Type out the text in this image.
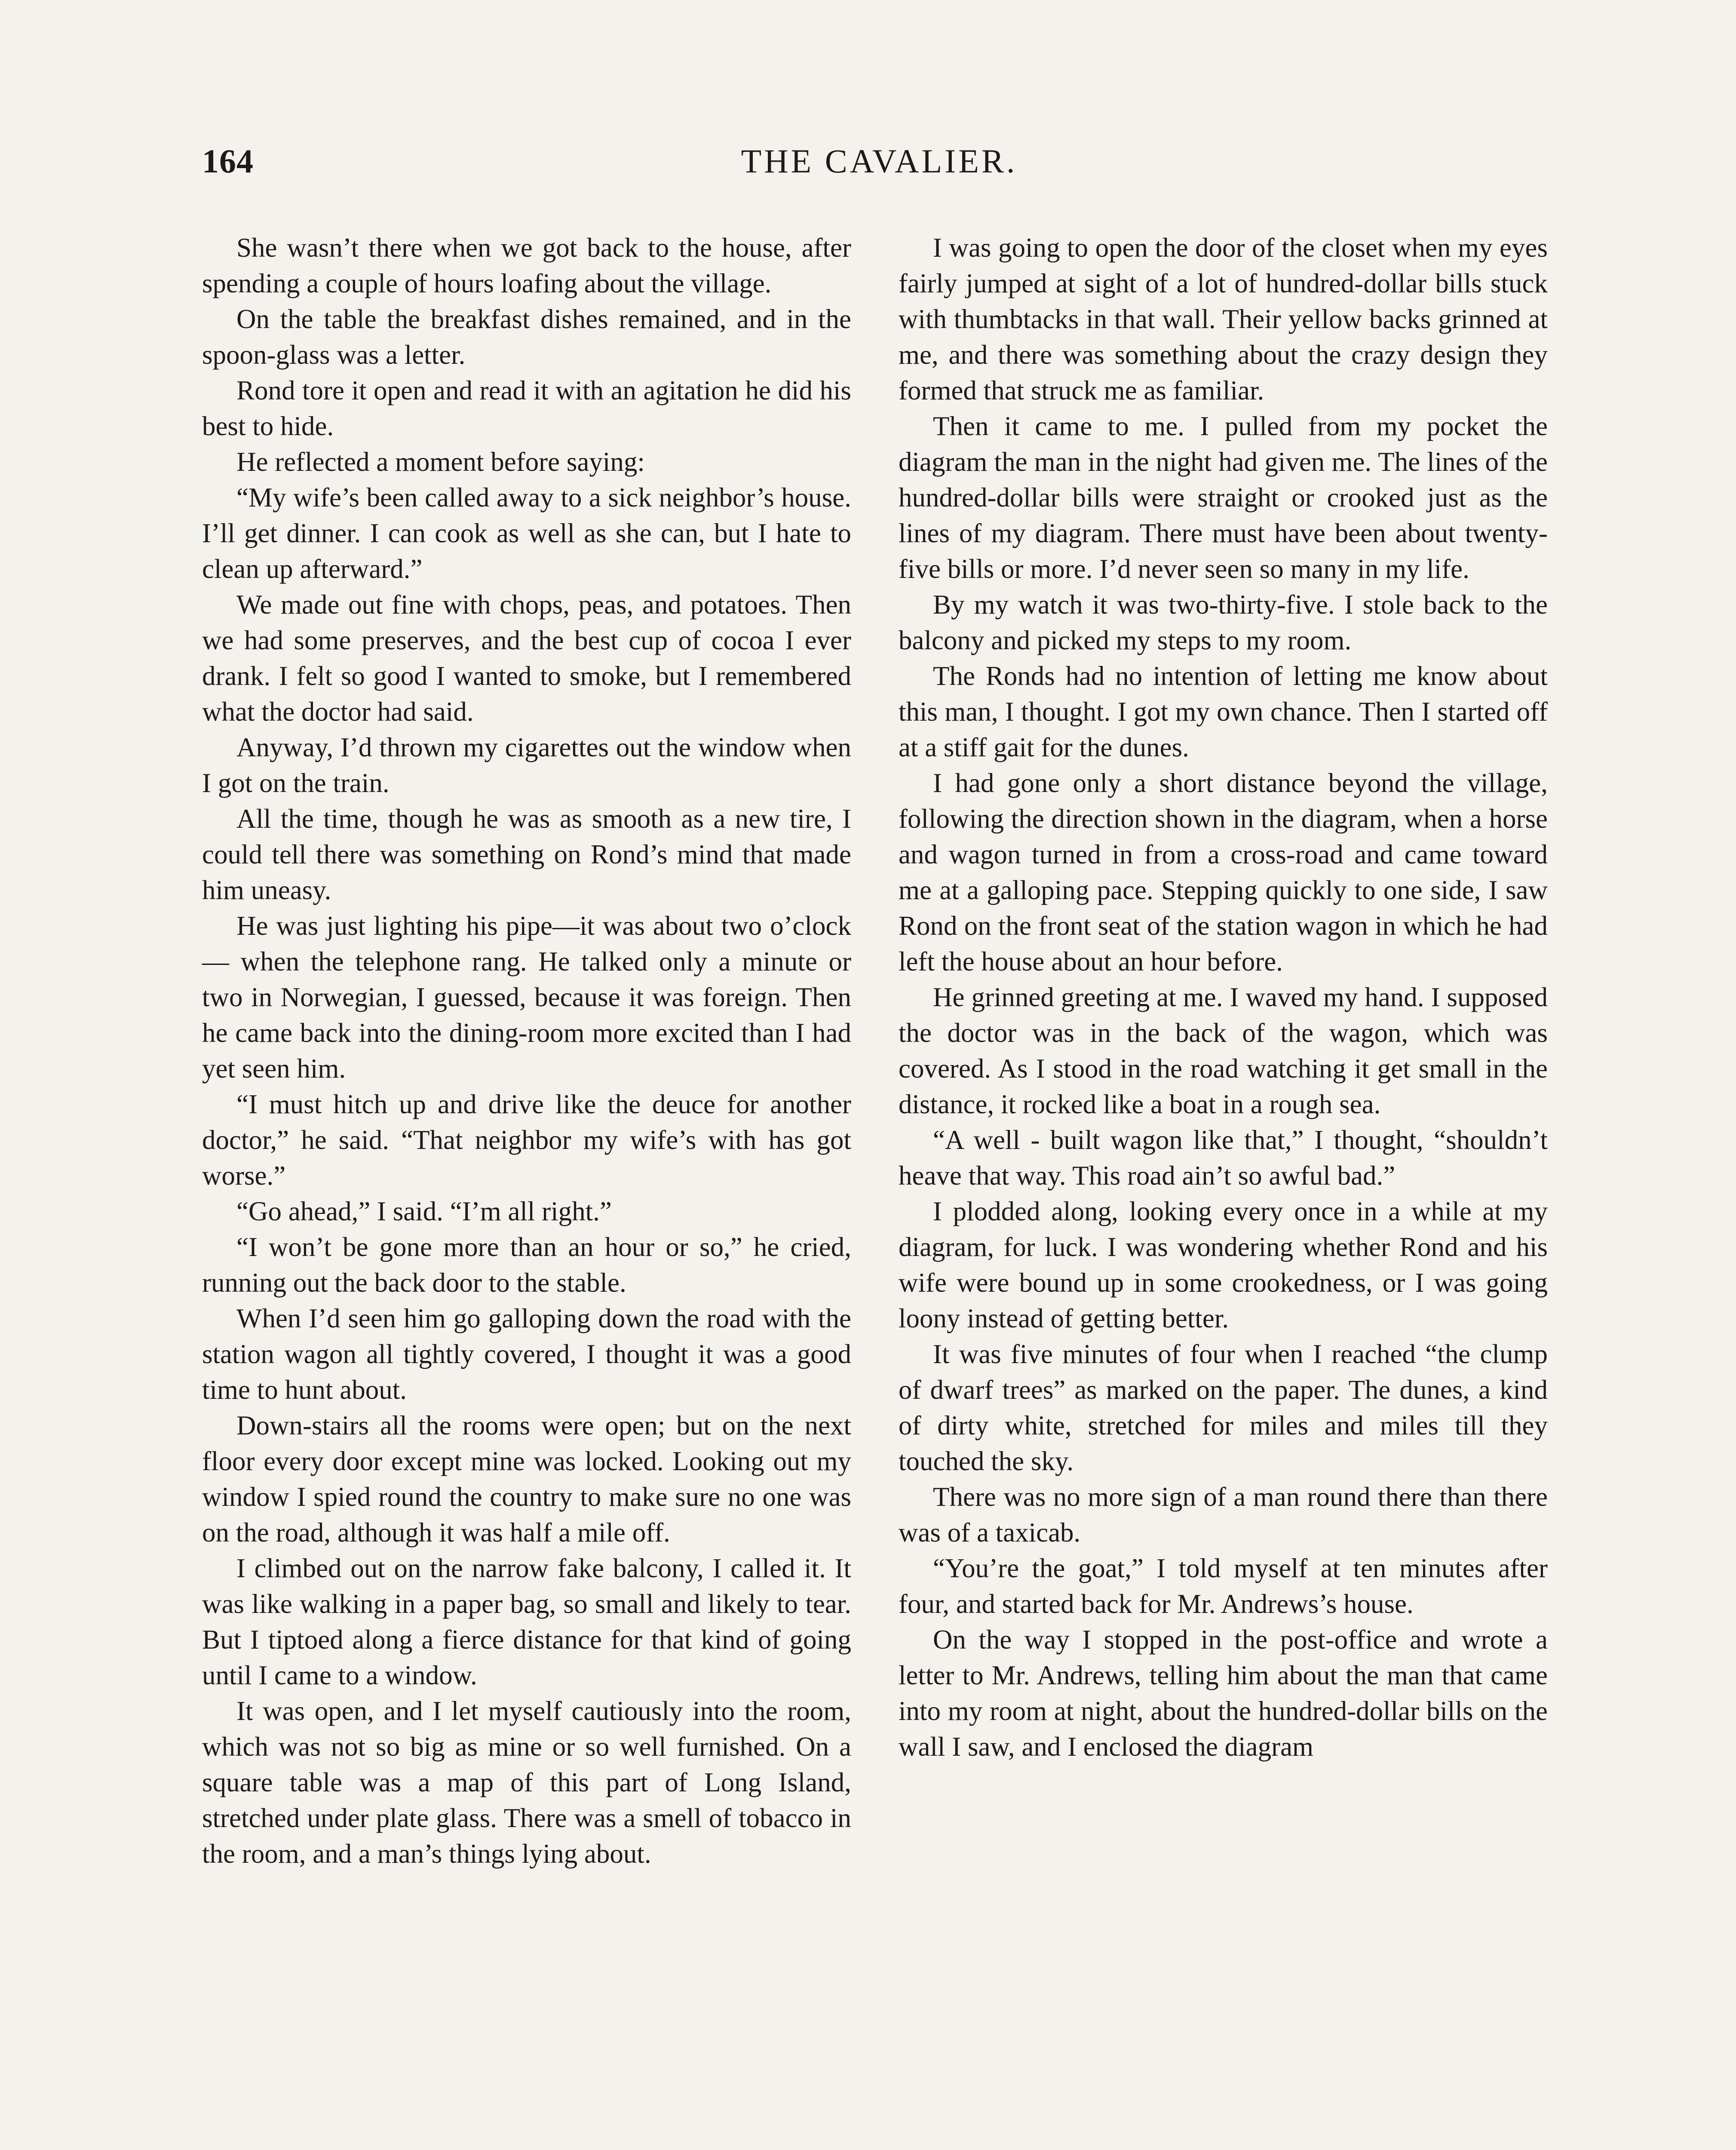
164	THE CAVALIER.

She wasn’t there when we got back to the house, after spending a couple of hours loafing about the village.

On the table the breakfast dishes remained, and in the spoon-glass was a letter.

Rond tore it open and read it with an agitation he did his best to hide.

He reflected a moment before saying:

“My wife’s been called away to a sick neighbor’s house. I’ll get dinner. I can cook as well as she can, but I hate to clean up afterward.”

We made out fine with chops, peas, and potatoes. Then we had some preserves, and the best cup of cocoa I ever drank. I felt so good I wanted to smoke, but I remembered what the doctor had said.

Anyway, I’d thrown my cigarettes out the window when I got on the train.

All the time, though he was as smooth as a new tire, I could tell there was something on Rond’s mind that made him uneasy.

He was just lighting his pipe—it was about two o’clock — when the telephone rang. He talked only a minute or two in Norwegian, I guessed, because it was foreign. Then he came back into the dining-room more excited than I had yet seen him.

“I must hitch up and drive like the deuce for another doctor,” he said. “That neighbor my wife’s with has got worse.”

“Go ahead,” I said. “I’m all right.”

“I won’t be gone more than an hour or so,” he cried, running out the back door to the stable.

When I’d seen him go galloping down the road with the station wagon all tightly covered, I thought it was a good time to hunt about.

Down-stairs all the rooms were open; but on the next floor every door except mine was locked. Looking out my window I spied round the country to make sure no one was on the road, although it was half a mile off.

I climbed out on the narrow fake balcony, I called it. It was like walking in a paper bag, so small and likely to tear. But I tiptoed along a fierce distance for that kind of going until I came to a window.

It was open, and I let myself cautiously into the room, which was not so big as mine or so well furnished. On a square table was a map of this part of Long Island, stretched under plate glass. There was a smell of tobacco in the room, and a man’s things lying about.

I was going to open the door of the closet when my eyes fairly jumped at sight of a lot of hundred-dollar bills stuck with thumbtacks in that wall. Their yellow backs grinned at me, and there was something about the crazy design they formed that struck me as familiar.

Then it came to me. I pulled from my pocket the diagram the man in the night had given me. The lines of the hundred-dollar bills were straight or crooked just as the lines of my diagram. There must have been about twenty-five bills or more. I’d never seen so many in my life.

By my watch it was two-thirty-five. I stole back to the balcony and picked my steps to my room.

The Ronds had no intention of letting me know about this man, I thought. I got my own chance. Then I started off at a stiff gait for the dunes.

I had gone only a short distance beyond the village, following the direction shown in the diagram, when a horse and wagon turned in from a cross-road and came toward me at a galloping pace. Stepping quickly to one side, I saw Rond on the front seat of the station wagon in which he had left the house about an hour before.

He grinned greeting at me. I waved my hand. I supposed the doctor was in the back of the wagon, which was covered. As I stood in the road watching it get small in the distance, it rocked like a boat in a rough sea.

“A well - built wagon like that,” I thought, “shouldn’t heave that way. This road ain’t so awful bad.”

I plodded along, looking every once in a while at my diagram, for luck. I was wondering whether Rond and his wife were bound up in some crookedness, or I was going loony instead of getting better.

It was five minutes of four when I reached “the clump of dwarf trees” as marked on the paper. The dunes, a kind of dirty white, stretched for miles and miles till they touched the sky.

There was no more sign of a man round there than there was of a taxicab.

“You’re the goat,” I told myself at ten minutes after four, and started back for Mr. Andrews’s house.

On the way I stopped in the post-office and wrote a letter to Mr. Andrews, telling him about the man that came into my room at night, about the hundred-dollar bills on the wall I saw, and I enclosed the diagram
